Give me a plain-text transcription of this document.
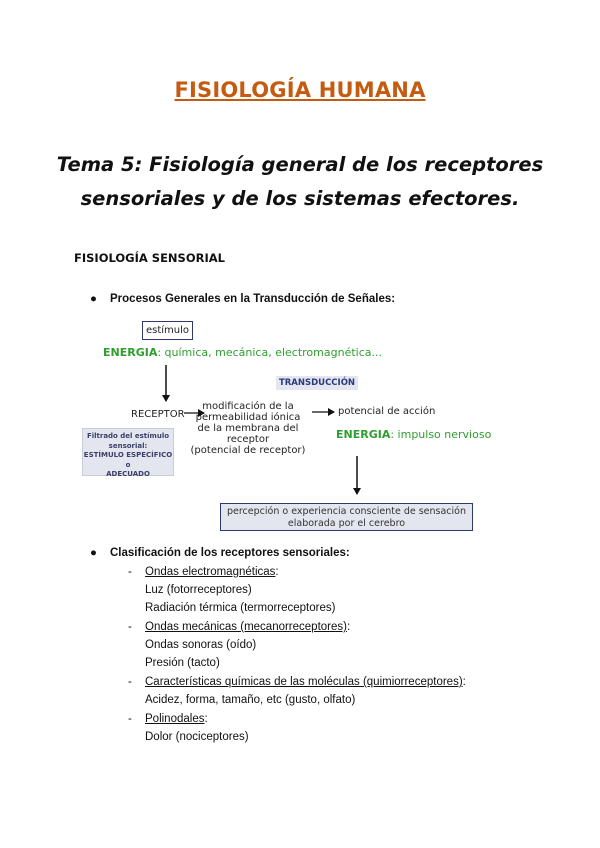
FISIOLOGÍA HUMANA
Tema 5: Fisiología general de los receptores sensoriales y de los sistemas efectores.
FISIOLOGÍA SENSORIAL
● Procesos Generales en la Transducción de Señales:
estímulo
ENERGIA: química, mecánica, electromagnética...
TRANSDUCCIÓN
RECEPTOR
modificación de la
permeabilidad iónica
de la membrana del receptor
(potencial de receptor)
potencial de acción
ENERGIA: impulso nervioso
Filtrado del estímulo
sensorial:
ESTÍMULO ESPECÍFICO o
ADECUADO
percepción o experiencia consciente de sensación
elaborada por el cerebro
● Clasificación de los receptores sensoriales:
- Ondas electromagnéticas:
Luz (fotorreceptores)
Radiación térmica (termorreceptores)
- Ondas mecánicas (mecanorreceptores):
Ondas sonoras (oído)
Presión (tacto)
- Características químicas de las moléculas (quimiorreceptores):
Acidez, forma, tamaño, etc (gusto, olfato)
- Polinodales:
Dolor (nociceptores)
